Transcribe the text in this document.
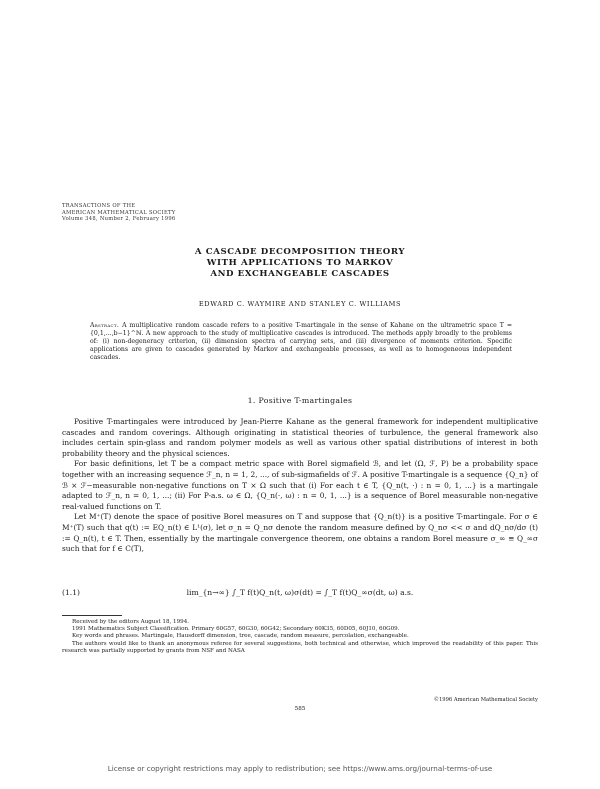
TRANSACTIONS OF THE
AMERICAN MATHEMATICAL SOCIETY
Volume 348, Number 2, February 1996
A CASCADE DECOMPOSITION THEORY
WITH APPLICATIONS TO MARKOV
AND EXCHANGEABLE CASCADES
EDWARD C. WAYMIRE AND STANLEY C. WILLIAMS
Abstract. A multiplicative random cascade refers to a positive T-martingale in the sense of Kahane on the ultrametric space T = {0,1,...,b−1}^ℕ. A new approach to the study of multiplicative cascades is introduced. The methods apply broadly to the problems of: (i) non-degeneracy criterion, (ii) dimension spectra of carrying sets, and (iii) divergence of moments criterion. Specific applications are given to cascades generated by Markov and exchangeable processes, as well as to homogeneous independent cascades.
1. Positive T-martingales

Positive T-martingales were introduced by Jean-Pierre Kahane as the general framework for independent multiplicative cascades and random coverings. Although originating in statistical theories of turbulence, the general framework also includes certain spin-glass and random polymer models as well as various other spatial distributions of interest in both probability theory and the physical sciences.

For basic definitions, let T be a compact metric space with Borel sigmafield ℬ, and let (Ω, ℱ, P) be a probability space together with an increasing sequence ℱ_n, n = 1, 2, ..., of sub-sigmafields of ℱ. A positive T-martingale is a sequence {Q_n} of ℬ × ℱ−measurable non-negative functions on T × Ω such that (i) For each t ∈ T, {Q_n(t, ·) : n = 0, 1, ...} is a martingale adapted to ℱ_n, n = 0, 1, ...; (ii) For P-a.s. ω ∈ Ω, {Q_n(·, ω) : n = 0, 1, ...} is a sequence of Borel measurable non-negative real-valued functions on T.

Let M⁺(T) denote the space of positive Borel measures on T and suppose that {Q_n(t)} is a positive T-martingale. For σ ∈ M⁺(T) such that q(t) := EQ_n(t) ∈ L¹(σ), let σ_n = Q_nσ denote the random measure defined by Q_nσ << σ and dQ_nσ/dσ (t) := Q_n(t), t ∈ T. Then, essentially by the martingale convergence theorem, one obtains a random Borel measure σ_∞ ≡ Q_∞σ such that for f ∈ C(T),

(1.1)	lim_{n→∞} ∫_T f(t)Q_n(t, ω)σ(dt) = ∫_T f(t)Q_∞σ(dt, ω) a.s.

Received by the editors August 18, 1994.

1991 Mathematics Subject Classification. Primary 60G57, 60G30, 60G42; Secondary 60K35, 60D05, 60J10, 60G09.

Key words and phrases. Martingale, Hausdorff dimension, tree, cascade, random measure, percolation, exchangeable.

The authors would like to thank an anonymous referee for several suggestions, both technical and otherwise, which improved the readability of this paper. This research was partially supported by grants from NSF and NASA

©1996 American Mathematical Society
585
License or copyright restrictions may apply to redistribution; see https://www.ams.org/journal-terms-of-use
